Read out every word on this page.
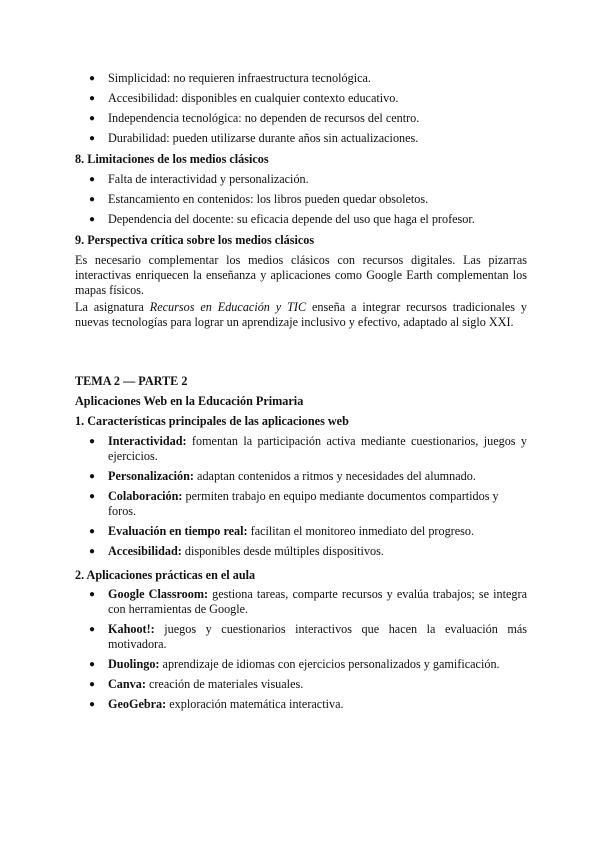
● Simplicidad: no requieren infraestructura tecnológica.
● Accesibilidad: disponibles en cualquier contexto educativo.
● Independencia tecnológica: no dependen de recursos del centro.
● Durabilidad: pueden utilizarse durante años sin actualizaciones.
8. Limitaciones de los medios clásicos
● Falta de interactividad y personalización.
● Estancamiento en contenidos: los libros pueden quedar obsoletos.
● Dependencia del docente: su eficacia depende del uso que haga el profesor.
9. Perspectiva crítica sobre los medios clásicos

Es necesario complementar los medios clásicos con recursos digitales. Las pizarras interactivas enriquecen la enseñanza y aplicaciones como Google Earth complementan los mapas físicos.

La asignatura Recursos en Educación y TIC enseña a integrar recursos tradicionales y nuevas tecnologías para lograr un aprendizaje inclusivo y efectivo, adaptado al siglo XXI.

TEMA 2 — PARTE 2
Aplicaciones Web en la Educación Primaria
1. Características principales de las aplicaciones web
● Interactividad: fomentan la participación activa mediante cuestionarios, juegos y ejercicios.
● Personalización: adaptan contenidos a ritmos y necesidades del alumnado.
● Colaboración: permiten trabajo en equipo mediante documentos compartidos y foros.
● Evaluación en tiempo real: facilitan el monitoreo inmediato del progreso.
● Accesibilidad: disponibles desde múltiples dispositivos.
2. Aplicaciones prácticas en el aula
● Google Classroom: gestiona tareas, comparte recursos y evalúa trabajos; se integra con herramientas de Google.
● Kahoot!: juegos y cuestionarios interactivos que hacen la evaluación más motivadora.
● Duolingo: aprendizaje de idiomas con ejercicios personalizados y gamificación.
● Canva: creación de materiales visuales.
● GeoGebra: exploración matemática interactiva.
